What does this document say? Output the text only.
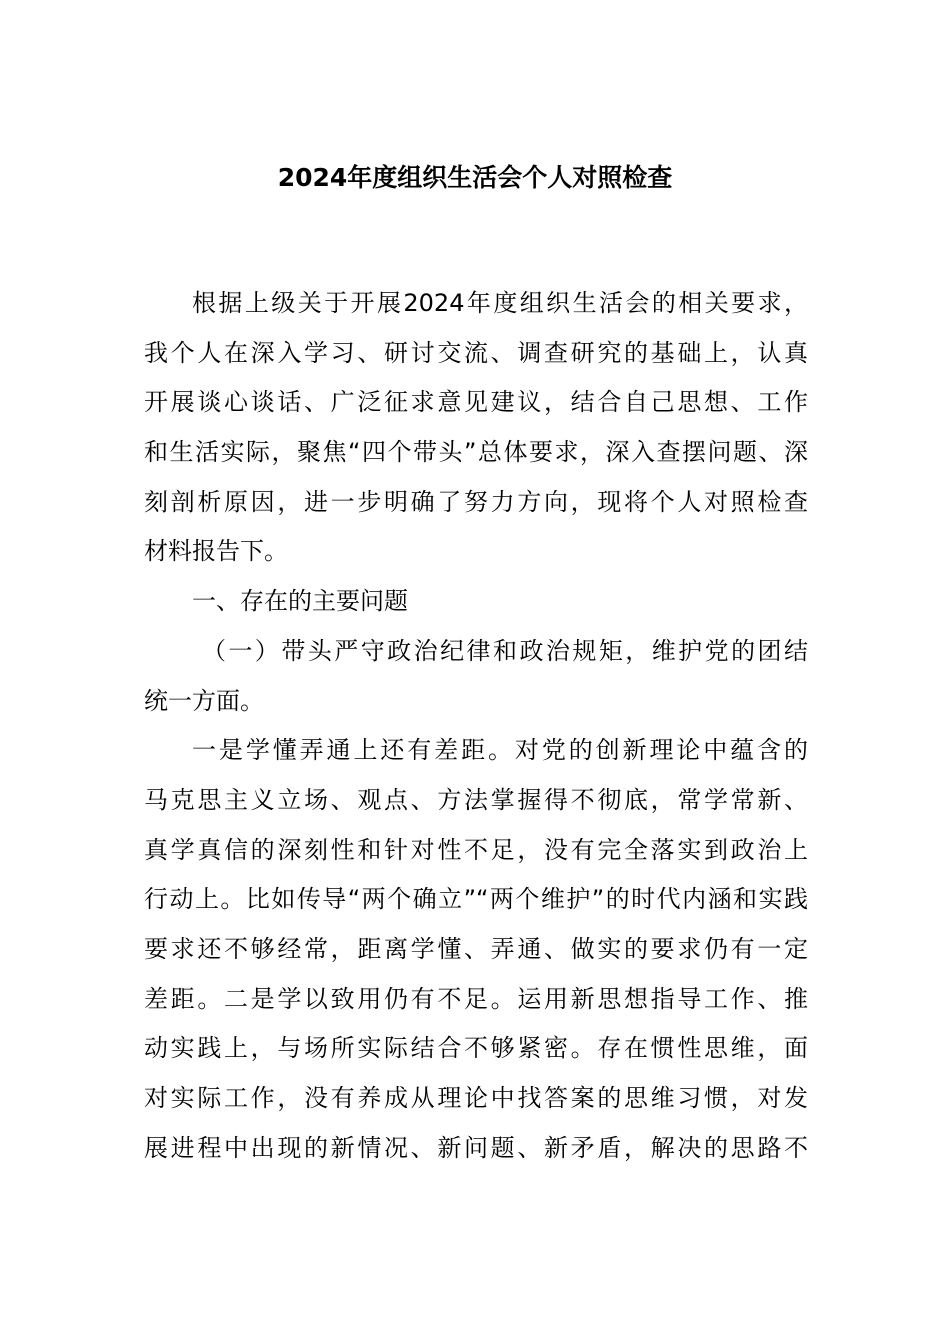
2024年度组织生活会个人对照检查
根据上级关于开展2024年度组织生活会的相关要求，
我个人在深入学习、研讨交流、调查研究的基础上，认真
开展谈心谈话、广泛征求意见建议，结合自己思想、工作
和生活实际，聚焦“四个带头”总体要求，深入查摆问题、深
刻剖析原因，进一步明确了努力方向，现将个人对照检查
材料报告下。
一、存在的主要问题
（一）带头严守政治纪律和政治规矩，维护党的团结
统一方面。
一是学懂弄通上还有差距。对党的创新理论中蕴含的
马克思主义立场、观点、方法掌握得不彻底，常学常新、
真学真信的深刻性和针对性不足，没有完全落实到政治上
行动上。比如传导“两个确立”“两个维护”的时代内涵和实践
要求还不够经常，距离学懂、弄通、做实的要求仍有一定
差距。二是学以致用仍有不足。运用新思想指导工作、推
动实践上，与场所实际结合不够紧密。存在惯性思维，面
对实际工作，没有养成从理论中找答案的思维习惯，对发
展进程中出现的新情况、新问题、新矛盾，解决的思路不
